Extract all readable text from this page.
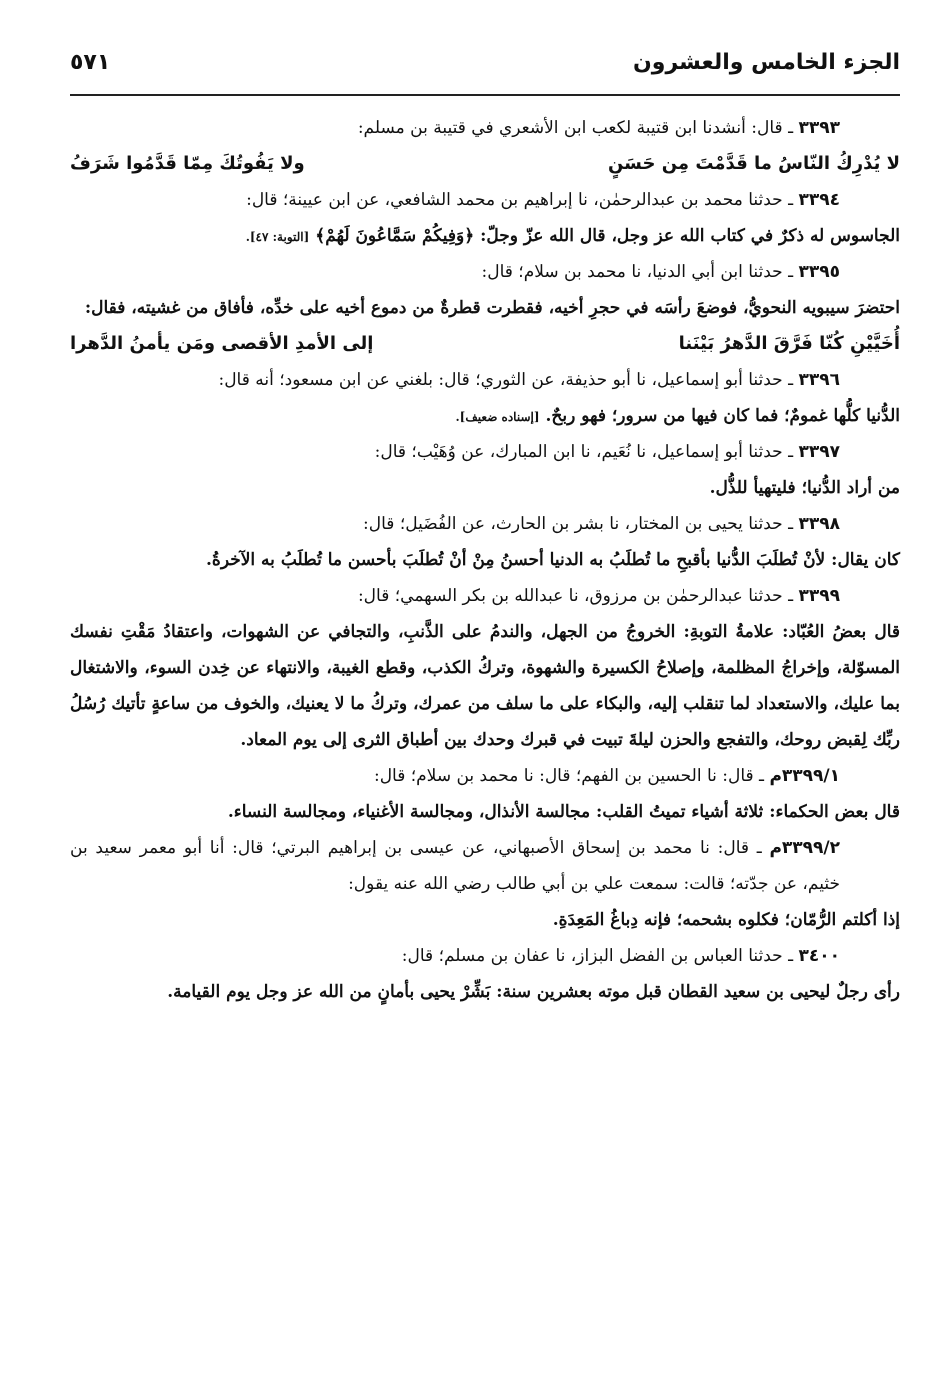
الجزء الخامس والعشرون
٥٧١
٣٣٩٣ ـ قال: أنشدنا ابن قتيبة لكعب ابن الأشعري في قتيبة بن مسلم:
لا يُدْرِكُ النّاسُ ما قَدَّمْتَ مِن حَسَنٍ
ولا يَفُوتُكَ مِمّا قَدَّمُوا شَرَفُ
٣٣٩٤ ـ حدثنا محمد بن عبدالرحمٰن، نا إبراهيم بن محمد الشافعي، عن ابن عيينة؛ قال:
الجاسوس له ذكرٌ في كتاب الله عز وجل، قال الله عزّ وجلّ: ﴿وَفِيكُمْ سَمَّاعُونَ لَهُمْ﴾ [التوبة: ٤٧].
٣٣٩٥ ـ حدثنا ابن أبي الدنيا، نا محمد بن سلام؛ قال:
احتضرَ سيبويه النحويُّ، فوضعَ رأسَه في حجرِ أخيه، فقطرت قطرةٌ من دموع أخيه على خدِّه، فأفاق من غشيته، فقال:
أُخَيَّيْنِ كُنّا فَرَّقَ الدَّهرُ بَيْنَنا
إلى الأمدِ الأقصى ومَن يأمنُ الدَّهرا
٣٣٩٦ ـ حدثنا أبو إسماعيل، نا أبو حذيفة، عن الثوري؛ قال: بلغني عن ابن مسعود؛ أنه قال:
الدُّنيا كلُّها غمومٌ؛ فما كان فيها من سرور؛ فهو ربحٌ. [إسناده ضعيف].
٣٣٩٧ ـ حدثنا أبو إسماعيل، نا نُعَيم، نا ابن المبارك، عن وُهَيْب؛ قال:
من أراد الدُّنيا؛ فليتهيأ للذُّل.
٣٣٩٨ ـ حدثنا يحيى بن المختار، نا بشر بن الحارث، عن الفُضَيل؛ قال:
كان يقال: لأنْ تُطلَبَ الدُّنيا بأقبحِ ما تُطلَبُ به الدنيا أحسنُ مِنْ أنْ تُطلَبَ بأحسن ما تُطلَبُ به الآخرةُ.
٣٣٩٩ ـ حدثنا عبدالرحمٰن بن مرزوق، نا عبدالله بن بكر السهمي؛ قال:
قال بعضُ العُبّاد: علامةُ التوبةِ: الخروجُ من الجهل، والندمُ على الذَّنبِ، والتجافي عن الشهوات، واعتقادُ مَقْتِ نفسك المسوّلة، وإخراجُ المظلمة، وإصلاحُ الكسيرة والشهوة، وتركُ الكذب، وقطع الغيبة، والانتهاء عن خِدن السوء، والاشتغال بما عليك، والاستعداد لما تنقلب إليه، والبكاء على ما سلف من عمرك، وتركُ ما لا يعنيك، والخوف من ساعةٍ تأتيك رُسُلُ ربِّك لِقبض روحك، والتفجع والحزن ليلةَ تبيت في قبرك وحدك بين أطباق الثرى إلى يوم المعاد.
٣٣٩٩/١م ـ قال: نا الحسين بن الفهم؛ قال: نا محمد بن سلام؛ قال:
قال بعض الحكماء: ثلاثة أشياء تميتُ القلب: مجالسة الأنذال، ومجالسة الأغنياء، ومجالسة النساء.
٣٣٩٩/٢م ـ قال: نا محمد بن إسحاق الأصبهاني، عن عيسى بن إبراهيم البرتي؛ قال: أنا أبو معمر سعيد بن خثيم، عن جدّته؛ قالت: سمعت علي بن أبي طالب رضي الله عنه يقول:
إذا أكلتم الرُّمّان؛ فكلوه بشحمه؛ فإنه دِباغُ المَعِدَةِ.
٣٤٠٠ ـ حدثنا العباس بن الفضل البزاز، نا عفان بن مسلم؛ قال:
رأى رجلٌ ليحيى بن سعيد القطان قبل موته بعشرين سنة: بَشِّرْ يحيى بأمانٍ من الله عز وجل يوم القيامة.
